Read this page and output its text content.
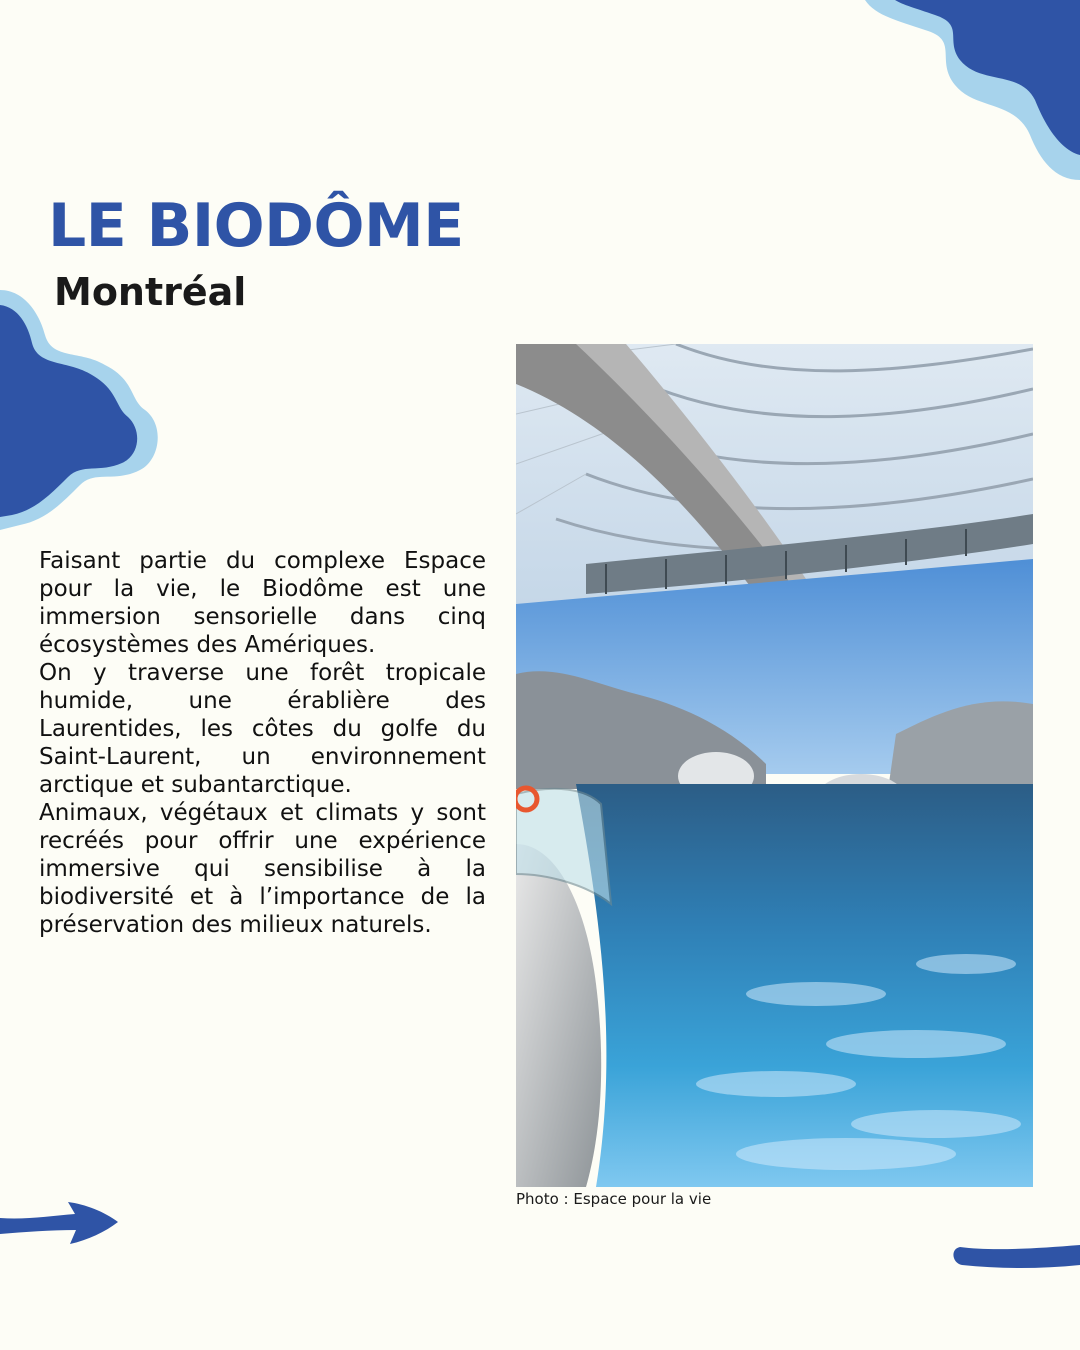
LE BIODÔME
Montréal

Faisant partie du complexe Espace pour la vie, le Biodôme est une immersion sensorielle dans cinq écosystèmes des Amériques.

On y traverse une forêt tropicale humide, une érablière des Laurentides, les côtes du golfe du Saint-Laurent, un environnement arctique et subantarctique.

Animaux, végétaux et climats y sont recréés pour offrir une expérience immersive qui sensibilise à la biodiversité et à l’importance de la préservation des milieux naturels.

Photo : Espace pour la vie
